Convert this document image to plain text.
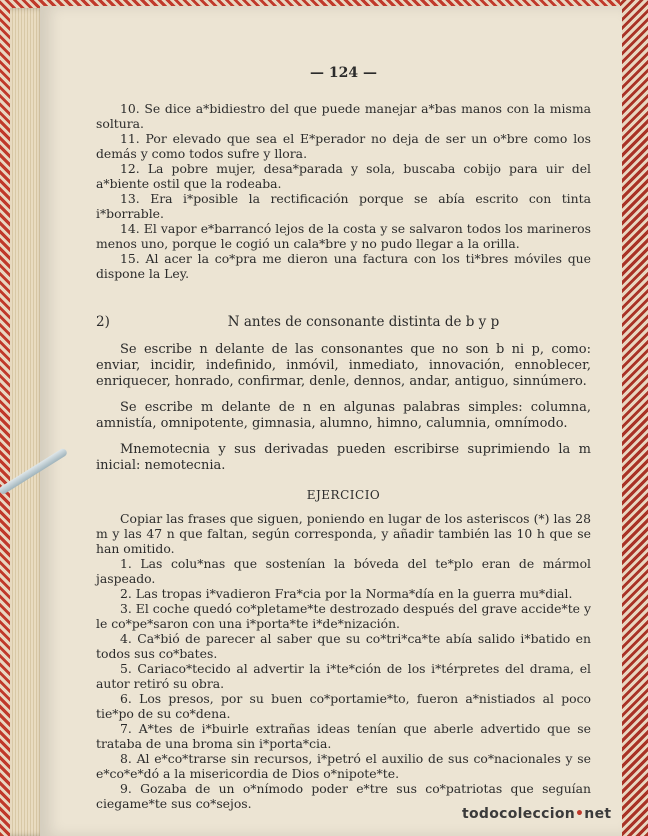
— 124 —

10. Se dice a*bidiestro del que puede manejar a*bas manos con la misma soltura.

11. Por elevado que sea el E*perador no deja de ser un o*bre como los demás y como todos sufre y llora.

12. La pobre mujer, desa*parada y sola, buscaba cobijo para uir del a*biente ostil que la rodeaba.

13. Era i*posible la rectificación porque se abía escrito con tinta i*borrable.

14. El vapor e*barrancó lejos de la costa y se salvaron todos los marineros menos uno, porque le cogió un cala*bre y no pudo llegar a la orilla.

15. Al acer la co*pra me dieron una factura con los ti*bres móviles que dispone la Ley.

2)	N antes de consonante distinta de b y p

Se escribe n delante de las consonantes que no son b ni p, como: enviar, incidir, indefinido, inmóvil, inmediato, innovación, ennoblecer, enriquecer, honrado, confirmar, denle, dennos, andar, antiguo, sinnúmero.

Se escribe m delante de n en algunas palabras simples: columna, amnistía, omnipotente, gimnasia, alumno, himno, calumnia, omnímodo.

Mnemotecnia y sus derivadas pueden escribirse suprimiendo la m inicial: nemotecnia.

EJERCICIO

Copiar las frases que siguen, poniendo en lugar de los asteriscos (*) las 28 m y las 47 n que faltan, según corresponda, y añadir también las 10 h que se han omitido.

1. Las colu*nas que sostenían la bóveda del te*plo eran de mármol jaspeado.

2. Las tropas i*vadieron Fra*cia por la Norma*día en la guerra mu*dial.

3. El coche quedó co*pletame*te destrozado después del grave accide*te y le co*pe*saron con una i*porta*te i*de*nización.

4. Ca*bió de parecer al saber que su co*tri*ca*te abía salido i*batido en todos sus co*bates.

5. Cariaco*tecido al advertir la i*te*ción de los i*térpretes del drama, el autor retiró su obra.

6. Los presos, por su buen co*portamie*to, fueron a*nistiados al poco tie*po de su co*dena.

7. A*tes de i*buirle extrañas ideas tenían que aberle advertido que se trataba de una broma sin i*porta*cia.

8. Al e*co*trarse sin recursos, i*petró el auxilio de sus co*nacionales y se e*co*e*dó a la misericordia de Dios o*nipote*te.

9. Gozaba de un o*nímodo poder e*tre sus co*patriotas que seguían ciegame*te sus co*sejos.

todocoleccion•net
